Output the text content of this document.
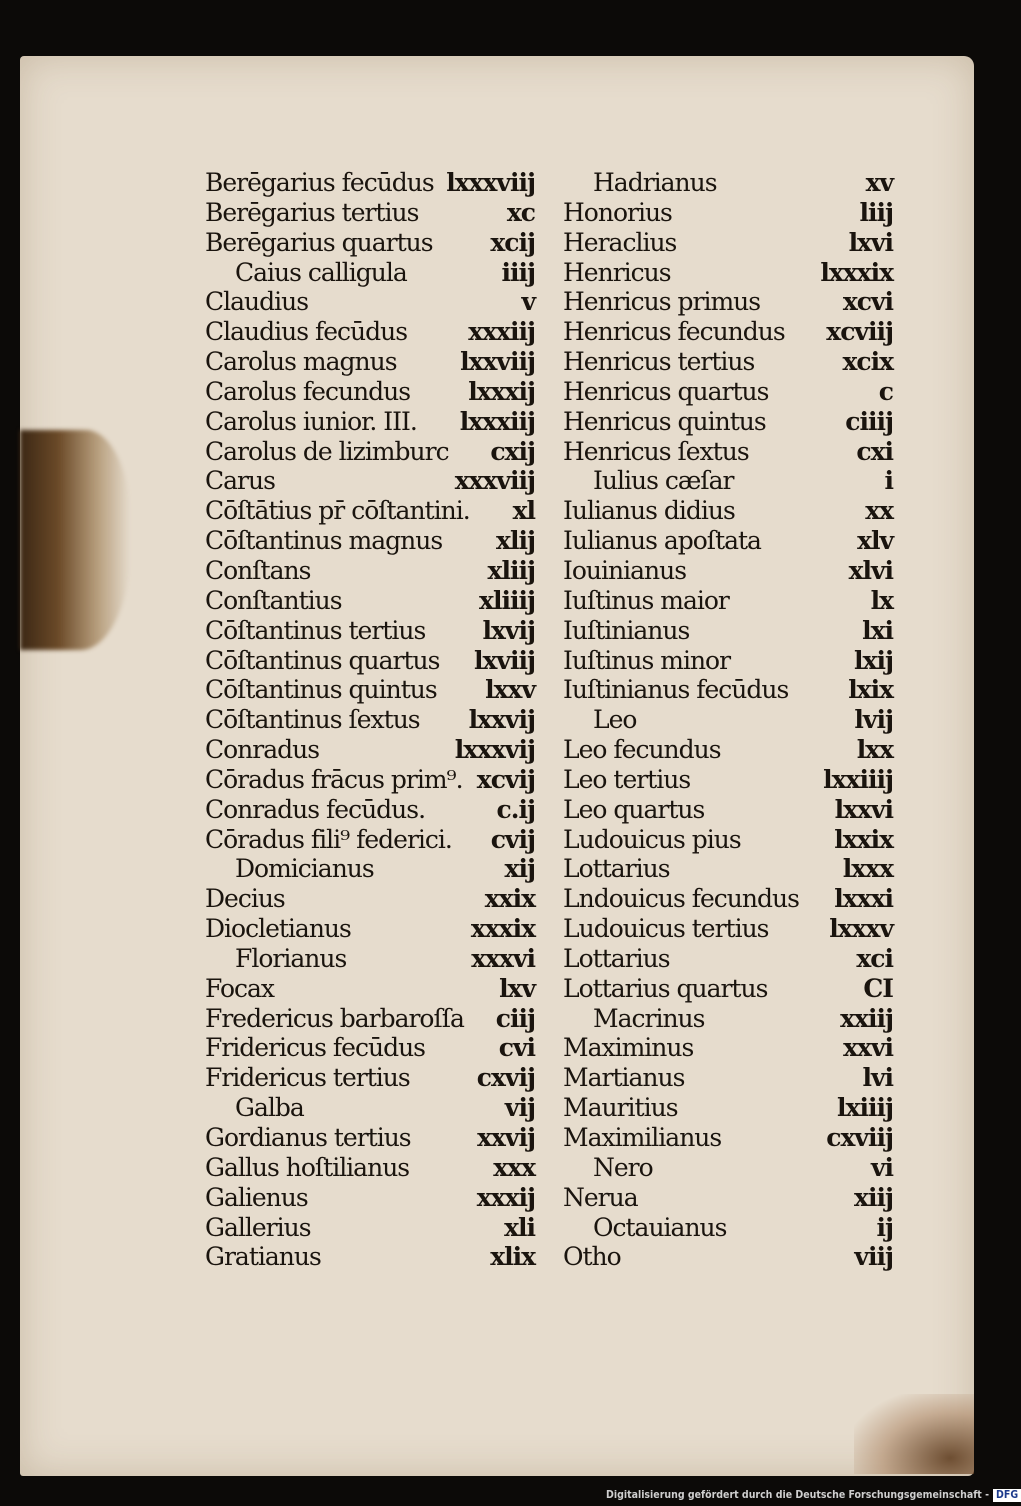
Berēgarius fecūdus lxxxviij
Berēgarius tertius	xc
Berēgarius quartus xcij
Caius calligula	iiij
Claudius	v
Claudius fecūdus xxxiij
Carolus magnus	lxxviij
Carolus fecundus lxxxij
Carolus iunior. III. lxxxiij
Carolus de lizimburc cxij
Carus	xxxviij
Cōſtātius pr̄ cōſtantini. xl
Cōſtantinus magnus xlij
Conſtans	xliij
Conſtantius	xliiij
Cōſtantinus tertius lxvij
Cōſtantinus quartus lxviij
Cōſtantinus quintus lxxv
Cōſtantinus ſextus lxxvij
Conradus	lxxxvij
Cōradus frācus prim⁹. xcvij
Conradus fecūdus.	c.ij
Cōradus fili⁹ federici. cvij
Domicianus	xij
Decius	xxix
Diocletianus	xxxix
Florianus	xxxvi
Focax	lxv
Fredericus barbaroſſa ciij
Fridericus fecūdus	cvi
Fridericus tertius	cxvij
Galba	vij
Gordianus tertius	xxvij
Gallus hoſtilianus	xxx
Galienus	xxxij
Gallerius	xli
Gratianus	xlix
Hadrianus	xv
Honorius	liij
Heraclius	lxvi
Henricus	lxxxix
Henricus primus	xcvi
Henricus fecundus xcviij
Henricus tertius	xcix
Henricus quartus	c
Henricus quintus	ciiij
Henricus ſextus	cxi
Iulius cæſar	i
Iulianus didius	xx
Iulianus apoſtata	xlv
Iouinianus	xlvi
Iuſtinus maior	lx
Iuſtinianus	lxi
Iuſtinus minor	lxij
Iuſtinianus fecūdus lxix
Leo	lvij
Leo fecundus	lxx
Leo tertius	lxxiiij
Leo quartus	lxxvi
Ludouicus pius	lxxix
Lottarius	lxxx
Lndouicus fecundus lxxxi
Ludouicus tertius lxxxv
Lottarius	xci
Lottarius quartus	CI
Macrinus	xxiij
Maximinus	xxvi
Martianus	lvi
Mauritius	lxiiij
Maximilianus	cxviij
Nero	vi
Nerua	xiij
Octauianus	ij
Otho	viij
Digitalisierung gefördert durch die Deutsche Forschungsgemeinschaft - DFG
